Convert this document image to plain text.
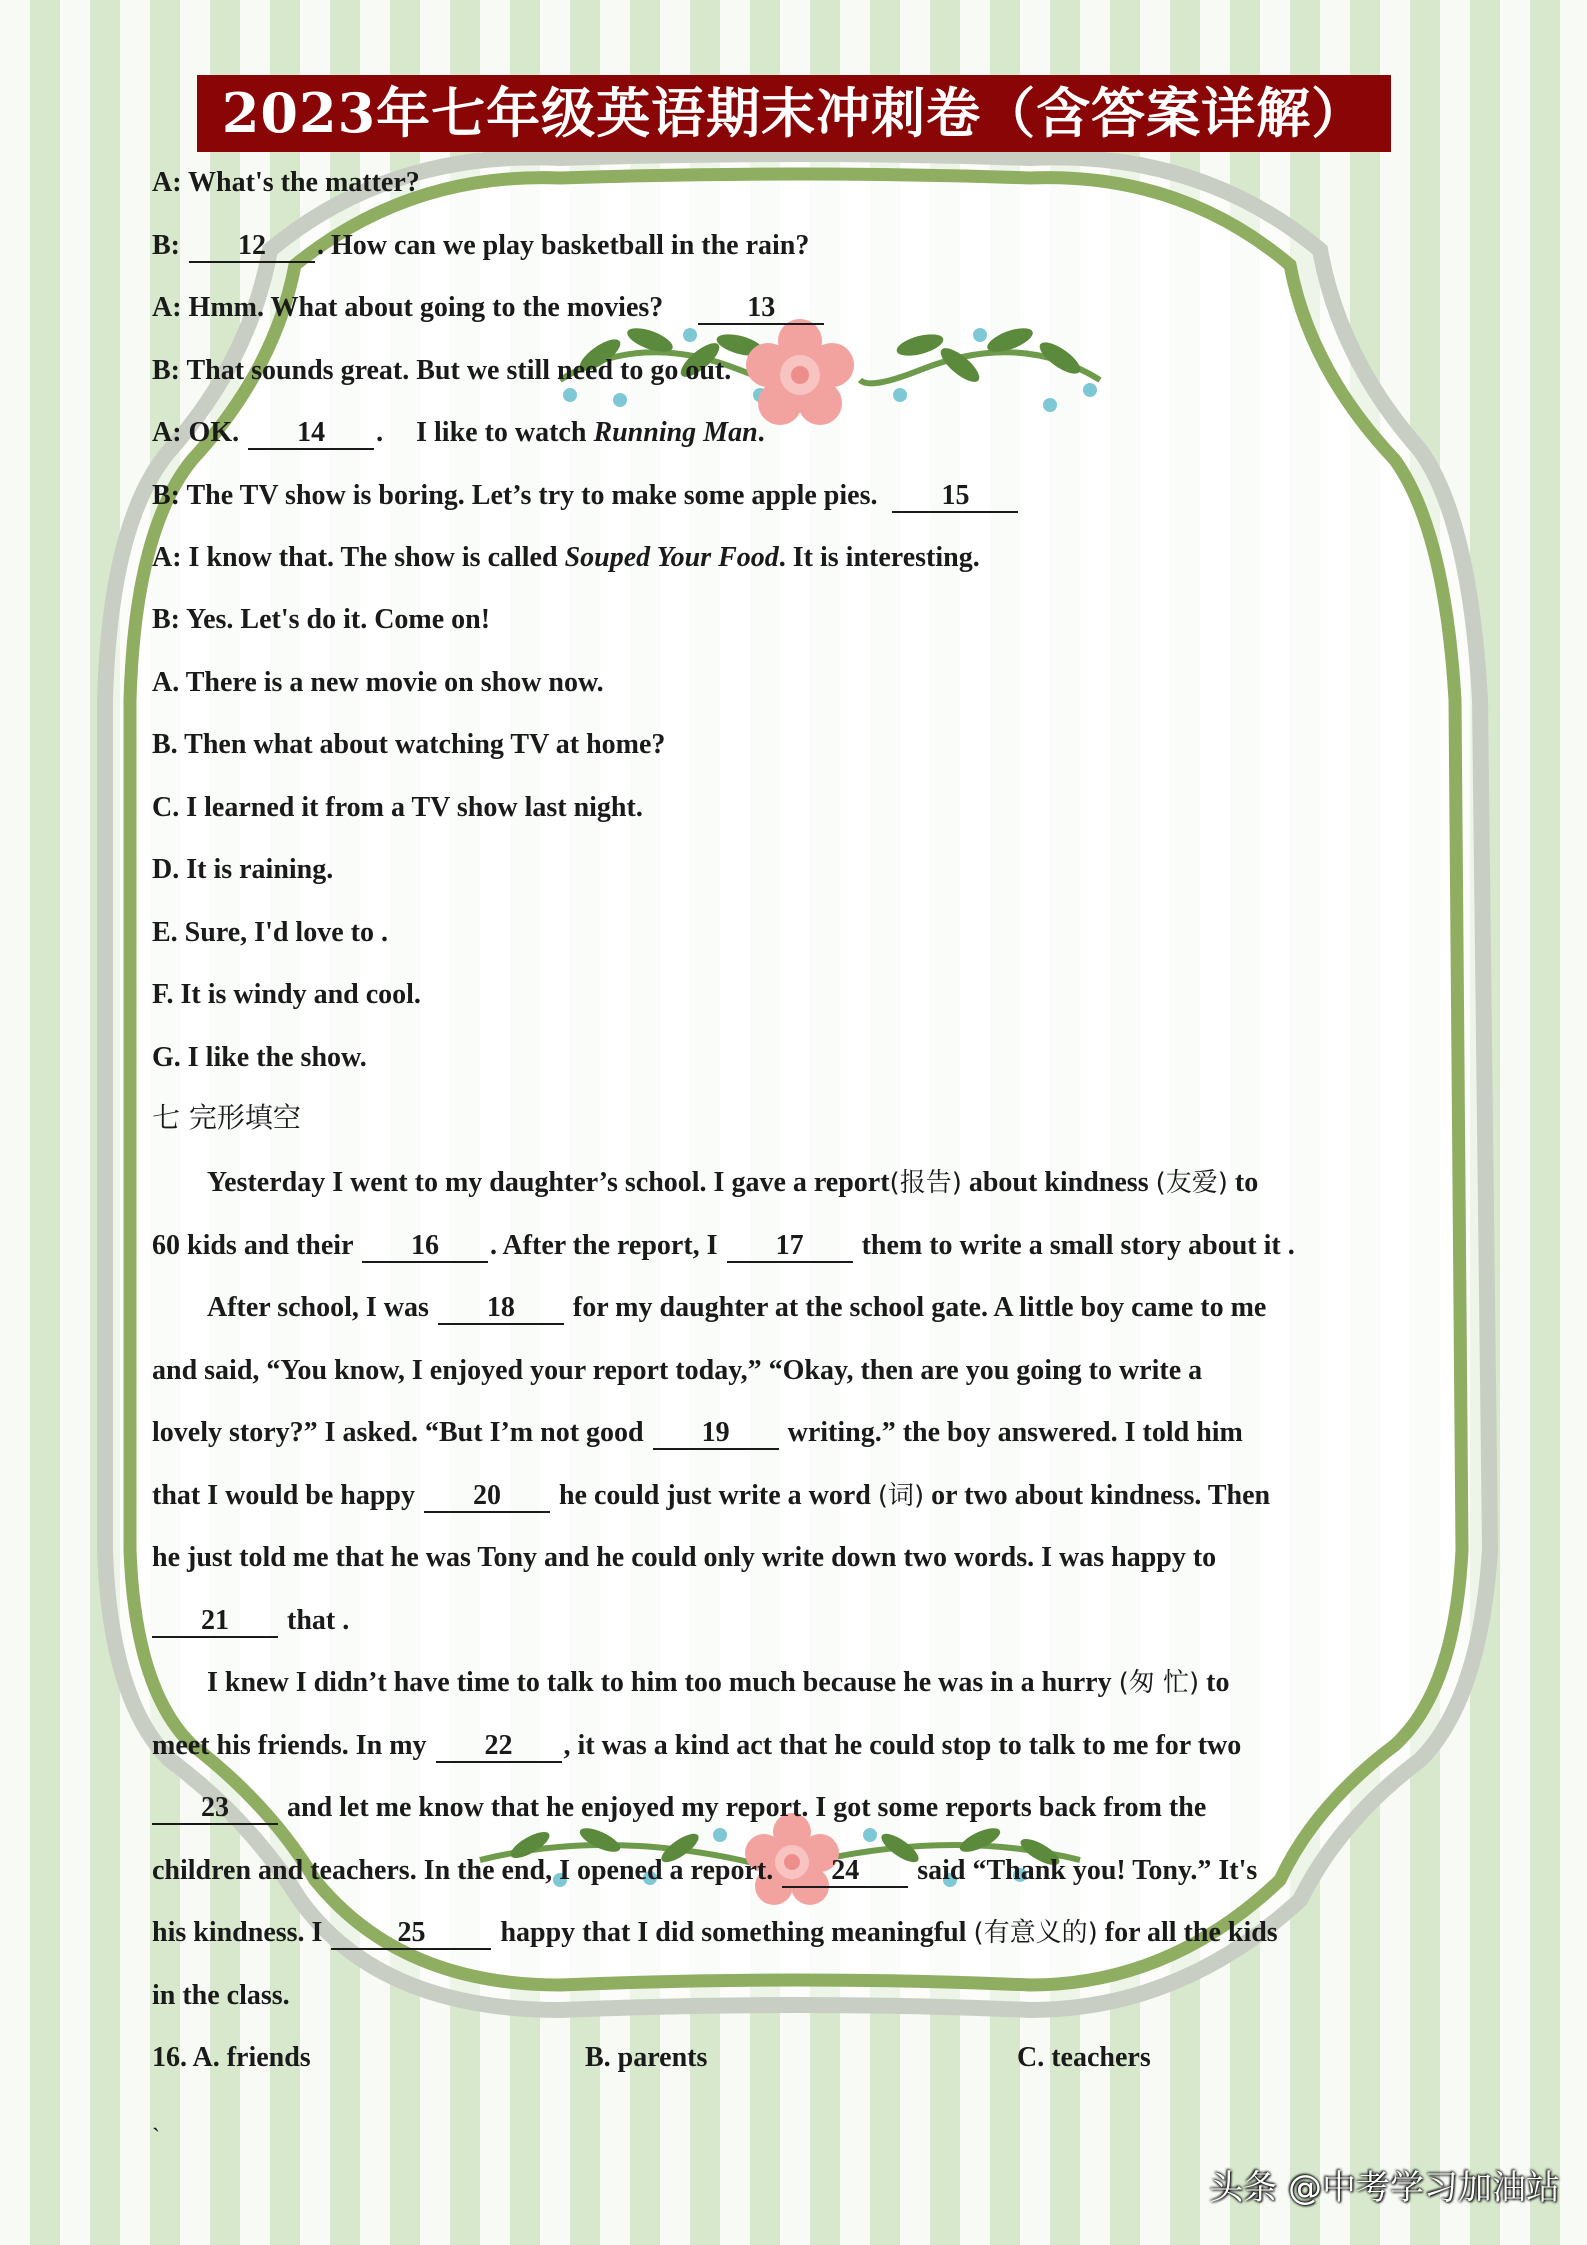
2023年七年级英语期末冲刺卷（含答案详解）
A: What's the matter?
B: 12 . How can we play basketball in the rain?
A: Hmm. What about going to the movies?	13
B: That sounds great. But we still need to go out.
A: OK. 14 . I like to watch Running Man.
B: The TV show is boring. Let’s try to make some apple pies. 15
A: I know that. The show is called Souped Your Food. It is interesting.
B: Yes. Let's do it. Come on!
A. There is a new movie on show now.
B. Then what about watching TV at home?
C. I learned it from a TV show last night.
D. It is raining.
E. Sure, I'd love to .
F. It is windy and cool.
G. I like the show.
七 完形填空
Yesterday I went to my daughter’s school. I gave a report(报告) about kindness (友爱) to
60 kids and their 16 . After the report, I 17 them to write a small story about it .
After school, I was 18 for my daughter at the school gate. A little boy came to me
and said, “You know, I enjoyed your report today,” “Okay, then are you going to write a
lovely story?” I asked. “But I’m not good 19 writing.” the boy answered. I told him
that I would be happy 20 he could just write a word (词) or two about kindness. Then
he just told me that he was Tony and he could only write down two words. I was happy to
21 that .
I knew I didn’t have time to talk to him too much because he was in a hurry (匆 忙) to
meet his friends. In my 22 , it was a kind act that he could stop to talk to me for two
23 and let me know that he enjoyed my report. I got some reports back from the
children and teachers. In the end, I opened a report. 24 said “Thank you! Tony.” It's
his kindness. I	25	happy that I did something meaningful (有意义的) for all the kids
in the class.
16. A. friends	B. parents	C. teachers
`
头条 @中考学习加油站
